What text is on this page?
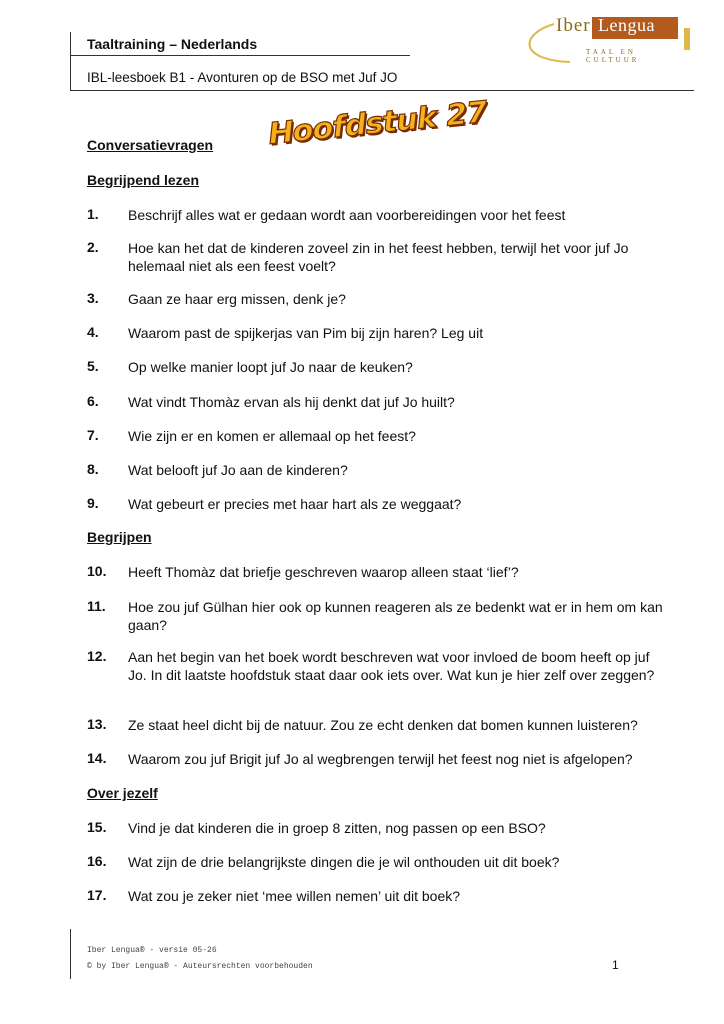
Taaltraining – Nederlands
IBL-leesboek B1 - Avonturen op de BSO met Juf JO
Iber Lengua
TAAL EN CULTUUR
Hoofdstuk 27
Conversatievragen
Begrijpend lezen
1. Beschrijf alles wat er gedaan wordt aan voorbereidingen voor het feest
2. Hoe kan het dat de kinderen zoveel zin in het feest hebben, terwijl het voor juf Jo helemaal niet als een feest voelt?
3. Gaan ze haar erg missen, denk je?
4. Waarom past de spijkerjas van Pim bij zijn haren? Leg uit
5. Op welke manier loopt juf Jo naar de keuken?
6. Wat vindt Thomàz ervan als hij denkt dat juf Jo huilt?
7. Wie zijn er en komen er allemaal op het feest?
8. Wat belooft juf Jo aan de kinderen?
9. Wat gebeurt er precies met haar hart als ze weggaat?
Begrijpen
10. Heeft Thomàz dat briefje geschreven waarop alleen staat ‘lief’?
11. Hoe zou juf Gülhan hier ook op kunnen reageren als ze bedenkt wat er in hem om kan gaan?
12. Aan het begin van het boek wordt beschreven wat voor invloed de boom heeft op juf Jo. In dit laatste hoofdstuk staat daar ook iets over. Wat kun je hier zelf over zeggen?
13. Ze staat heel dicht bij de natuur. Zou ze echt denken dat bomen kunnen luisteren?
14. Waarom zou juf Brigit juf Jo al wegbrengen terwijl het feest nog niet is afgelopen?
Over jezelf
15. Vind je dat kinderen die in groep 8 zitten, nog passen op een BSO?
16. Wat zijn de drie belangrijkste dingen die je wil onthouden uit dit boek?
17. Wat zou je zeker niet ‘mee willen nemen’ uit dit boek?
Iber Lengua® - versie 05-26
© by Iber Lengua® - Auteursrechten voorbehouden	1
